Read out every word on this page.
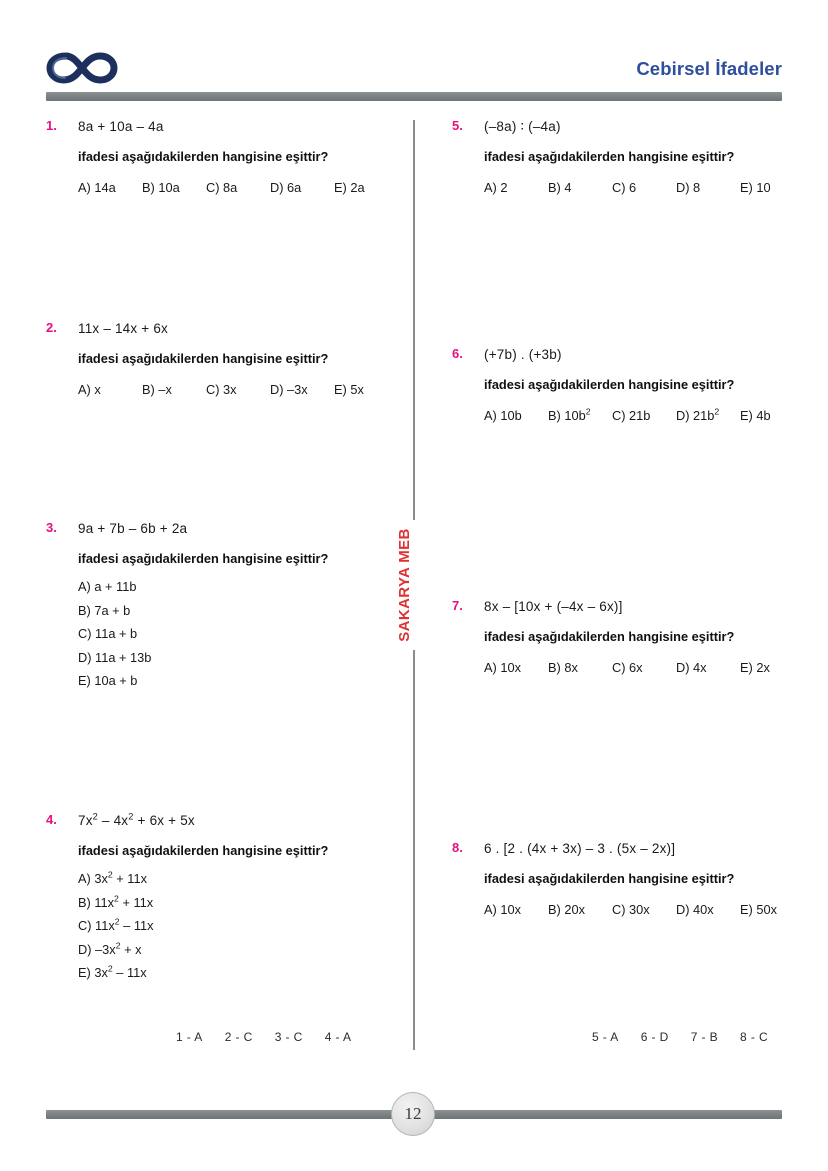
Cebirsel İfadeler
1.	8a + 10a – 4a
ifadesi aşağıdakilerden hangisine eşittir?
A) 14a	B) 10a	C) 8a	D) 6a	E) 2a
2.	11x – 14x + 6x
ifadesi aşağıdakilerden hangisine eşittir?
A) x	B) –x	C) 3x	D) –3x	E) 5x
3.	9a + 7b – 6b + 2a
ifadesi aşağıdakilerden hangisine eşittir?
A) a + 11b
B) 7a + b
C) 11a + b
D) 11a + 13b
E) 10a + b
4.	$7x^2 - 4x^2 + 6x + 5x$
ifadesi aşağıdakilerden hangisine eşittir?
A) $3x^2 + 11x$
B) $11x^2 + 11x$
C) $11x^2 - 11x$
D) $-3x^2 + x$
E) $3x^2 - 11x$
5.	(–8a) ∶ (–4a)
ifadesi aşağıdakilerden hangisine eşittir?
A) 2	B) 4	C) 6	D) 8	E) 10
6.	(+7b) . (+3b)
ifadesi aşağıdakilerden hangisine eşittir?
A) 10b	B) $10b^2$	C) 21b	D) $21b^2$	E) 4b
7.	8x – [10x + (–4x – 6x)]
ifadesi aşağıdakilerden hangisine eşittir?
A) 10x	B) 8x	C) 6x	D) 4x	E) 2x
8.	6 . [2 . (4x + 3x) – 3 . (5x – 2x)]
ifadesi aşağıdakilerden hangisine eşittir?
A) 10x	B) 20x	C) 30x	D) 40x	E) 50x
SAKARYA MEB
1 - A 2 - C 3 - C 4 - A	5 - A 6 - D 7 - B 8 - C
12
